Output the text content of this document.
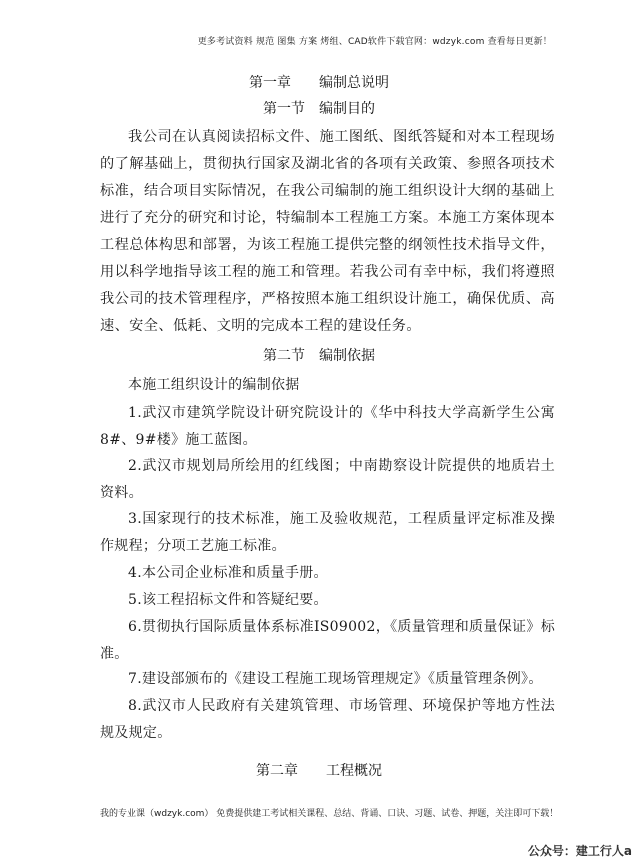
更多考试资料 规范 图集 方案 烤组、CAD软件下载官网：wdzyk.com 查看每日更新！
第一章　　编制总说明
第一节　编制目的
我公司在认真阅读招标文件、施工图纸、图纸答疑和对本工程现场的了解基础上，贯彻执行国家及湖北省的各项有关政策、参照各项技术标准，结合项目实际情况，在我公司编制的施工组织设计大纲的基础上进行了充分的研究和讨论，特编制本工程施工方案。本施工方案体现本工程总体构思和部署，为该工程施工提供完整的纲领性技术指导文件，用以科学地指导该工程的施工和管理。若我公司有幸中标，我们将遵照我公司的技术管理程序，严格按照本施工组织设计施工，确保优质、高速、安全、低耗、文明的完成本工程的建设任务。
第二节　编制依据
本施工组织设计的编制依据
1.武汉市建筑学院设计研究院设计的《华中科技大学高新学生公寓8#、9#楼》施工蓝图。
2.武汉市规划局所绘用的红线图；中南勘察设计院提供的地质岩土资料。
3.国家现行的技术标准，施工及验收规范，工程质量评定标准及操作规程；分项工艺施工标准。
4.本公司企业标准和质量手册。
5.该工程招标文件和答疑纪要。
6.贯彻执行国际质量体系标准IS09002，《质量管理和质量保证》标准。
7.建设部颁布的《建设工程施工现场管理规定》《质量管理条例》。
8.武汉市人民政府有关建筑管理、市场管理、环境保护等地方性法规及规定。
第二章　　工程概况
我的专业课（wdzyk.com） 免费提供建工考试相关课程、总结、背诵、口诀、习题、试卷、押题，关注即可下载！
公众号：建工行人a
